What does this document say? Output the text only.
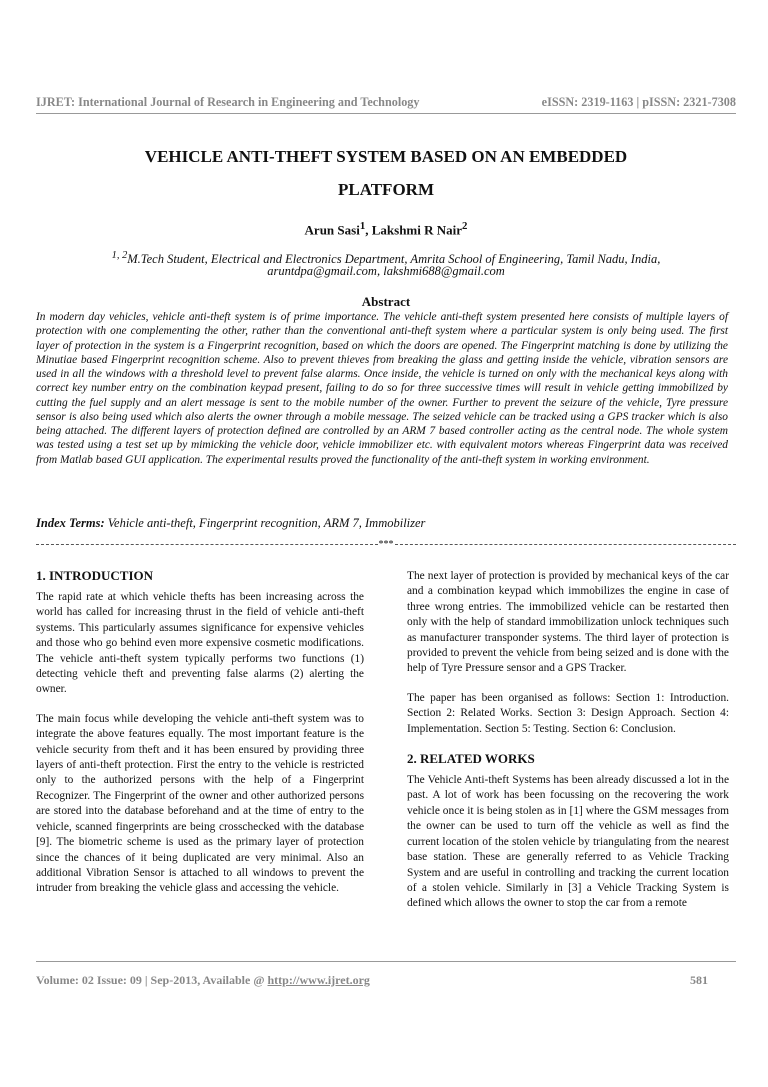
IJRET: International Journal of Research in Engineering and Technology	eISSN: 2319-1163 | pISSN: 2321-7308
VEHICLE ANTI-THEFT SYSTEM BASED ON AN EMBEDDED
PLATFORM
Arun Sasi$^1$, Lakshmi R Nair$^2$
$^{1, 2}$M.Tech Student, Electrical and Electronics Department, Amrita School of Engineering, Tamil Nadu, India,
aruntdpa@gmail.com, lakshmi688@gmail.com
Abstract
In modern day vehicles, vehicle anti-theft system is of prime importance. The vehicle anti-theft system presented here consists of multiple layers of protection with one complementing the other, rather than the conventional anti-theft system where a particular system is only being used. The first layer of protection in the system is a Fingerprint recognition, based on which the doors are opened. The Fingerprint matching is done by utilizing the Minutiae based Fingerprint recognition scheme. Also to prevent thieves from breaking the glass and getting inside the vehicle, vibration sensors are used in all the windows with a threshold level to prevent false alarms. Once inside, the vehicle is turned on only with the mechanical keys along with correct key number entry on the combination keypad present, failing to do so for three successive times will result in vehicle getting immobilized by cutting the fuel supply and an alert message is sent to the mobile number of the owner. Further to prevent the seizure of the vehicle, Tyre pressure sensor is also being used which also alerts the owner through a mobile message. The seized vehicle can be tracked using a GPS tracker which is also being attached. The different layers of protection defined are controlled by an ARM 7 based controller acting as the central node. The whole system was tested using a test set up by mimicking the vehicle door, vehicle immobilizer etc. with equivalent motors whereas Fingerprint data was received from Matlab based GUI application. The experimental results proved the functionality of the anti-theft system in working environment.
Index Terms: Vehicle anti-theft, Fingerprint recognition, ARM 7, Immobilizer
***
1. INTRODUCTION

The rapid rate at which vehicle thefts has been increasing across the world has called for increasing thrust in the field of vehicle anti-theft systems. This particularly assumes significance for expensive vehicles and those who go behind even more expensive cosmetic modifications. The vehicle anti-theft system typically performs two functions (1) detecting vehicle theft and preventing false alarms (2) alerting the owner.

The main focus while developing the vehicle anti-theft system was to integrate the above features equally. The most important feature is the vehicle security from theft and it has been ensured by providing three layers of anti-theft protection. First the entry to the vehicle is restricted only to the authorized persons with the help of a Fingerprint Recognizer. The Fingerprint of the owner and other authorized persons are stored into the database beforehand and at the time of entry to the vehicle, scanned fingerprints are being crosschecked with the database [9]. The biometric scheme is used as the primary layer of protection since the chances of it being duplicated are very minimal. Also an additional Vibration Sensor is attached to all windows to prevent the intruder from breaking the vehicle glass and accessing the vehicle.

The next layer of protection is provided by mechanical keys of the car and a combination keypad which immobilizes the engine in case of three wrong entries. The immobilized vehicle can be restarted then only with the help of standard immobilization unlock techniques such as manufacturer transponder systems. The third layer of protection is provided to prevent the vehicle from being seized and is done with the help of Tyre Pressure sensor and a GPS Tracker.

The paper has been organised as follows: Section 1: Introduction. Section 2: Related Works. Section 3: Design Approach. Section 4: Implementation. Section 5: Testing. Section 6: Conclusion.

2. RELATED WORKS

The Vehicle Anti-theft Systems has been already discussed a lot in the past. A lot of work has been focussing on the recovering the work vehicle once it is being stolen as in [1] where the GSM messages from the owner can be used to turn off the vehicle as well as find the current location of the stolen vehicle by triangulating from the nearest base station. These are generally referred to as Vehicle Tracking System and are useful in controlling and tracking the current location of a stolen vehicle. Similarly in [3] a Vehicle Tracking System is defined which allows the owner to stop the car from a remote

Volume: 02 Issue: 09 | Sep-2013, Available @ http://www.ijret.org	581
